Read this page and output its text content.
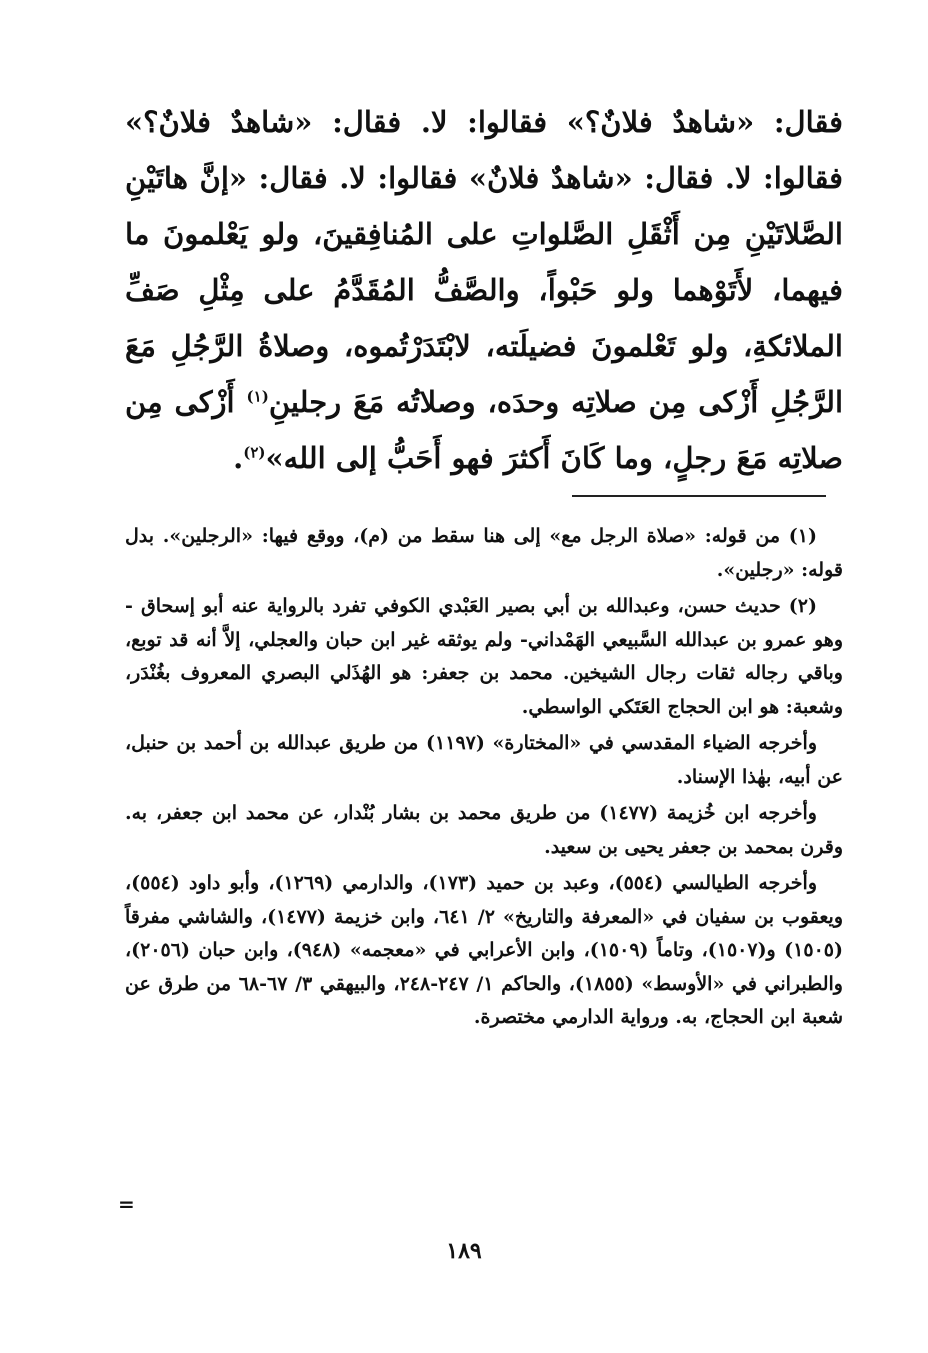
فقال: «شاهدٌ فلانٌ؟» فقالوا: لا. فقال: «شاهدٌ فلانٌ؟» فقالوا: لا. فقال: «شاهدٌ فلانٌ» فقالوا: لا. فقال: «إنَّ هاتَيْنِ الصَّلاتَيْنِ مِن أَثْقَلِ الصَّلواتِ على المُنافِقينَ، ولو يَعْلمونَ ما فيهما، لأَتَوْهما ولو حَبْواً، والصَّفُّ المُقَدَّمُ على مِثْلِ صَفِّ الملائكةِ، ولو تَعْلمونَ فضيلَته، لابْتَدَرْتُموه، وصلاةُ الرَّجُلِ مَعَ الرَّجُلِ أَزْكى مِن صلاتِه وحدَه، وصلاتُه مَعَ رجلينِ$^{(١)}$ أَزْكى مِن صلاتِه مَعَ رجلٍ، وما كَانَ أَكثرَ فهو أَحَبُّ إلى الله»$^{(٢)}$.

(١) من قوله: «صلاة الرجل مع» إلى هنا سقط من (م)، ووقع فيها: «الرجلين». بدل قوله: «رجلين».

(٢) حديث حسن، وعبدالله بن أبي بصير العَبْدي الكوفي تفرد بالرواية عنه أبو إسحاق - وهو عمرو بن عبدالله السَّبيعي الهَمْداني- ولم يوثقه غير ابن حبان والعجلي، إلاَّ أنه قد توبع، وباقي رجاله ثقات رجال الشيخين. محمد بن جعفر: هو الهُذَلي البصري المعروف بغُنْدَر، وشعبة: هو ابن الحجاج العَتَكي الواسطي.

وأخرجه الضياء المقدسي في «المختارة» (١١٩٧) من طريق عبدالله بن أحمد بن حنبل، عن أبيه، بهٰذا الإسناد.

وأخرجه ابن خُزيمة (١٤٧٧) من طريق محمد بن بشار بُنْدار، عن محمد ابن جعفر، به. وقرن بمحمد بن جعفر يحيى بن سعيد.

وأخرجه الطيالسي (٥٥٤)، وعبد بن حميد (١٧٣)، والدارمي (١٢٦٩)، وأبو داود (٥٥٤)، ويعقوب بن سفيان في «المعرفة والتاريخ» ٢/ ٦٤١، وابن خزيمة (١٤٧٧)، والشاشي مفرقاً (١٥٠٥) و(١٥٠٧)، وتاماً (١٥٠٩)، وابن الأعرابي في «معجمه» (٩٤٨)، وابن حبان (٢٠٥٦)، والطبراني في «الأوسط» (١٨٥٥)، والحاكم ١/ ٢٤٧-٢٤٨، والبيهقي ٣/ ٦٧-٦٨ من طرق عن شعبة ابن الحجاج، به. ورواية الدارمي مختصرة.

=
١٨٩
